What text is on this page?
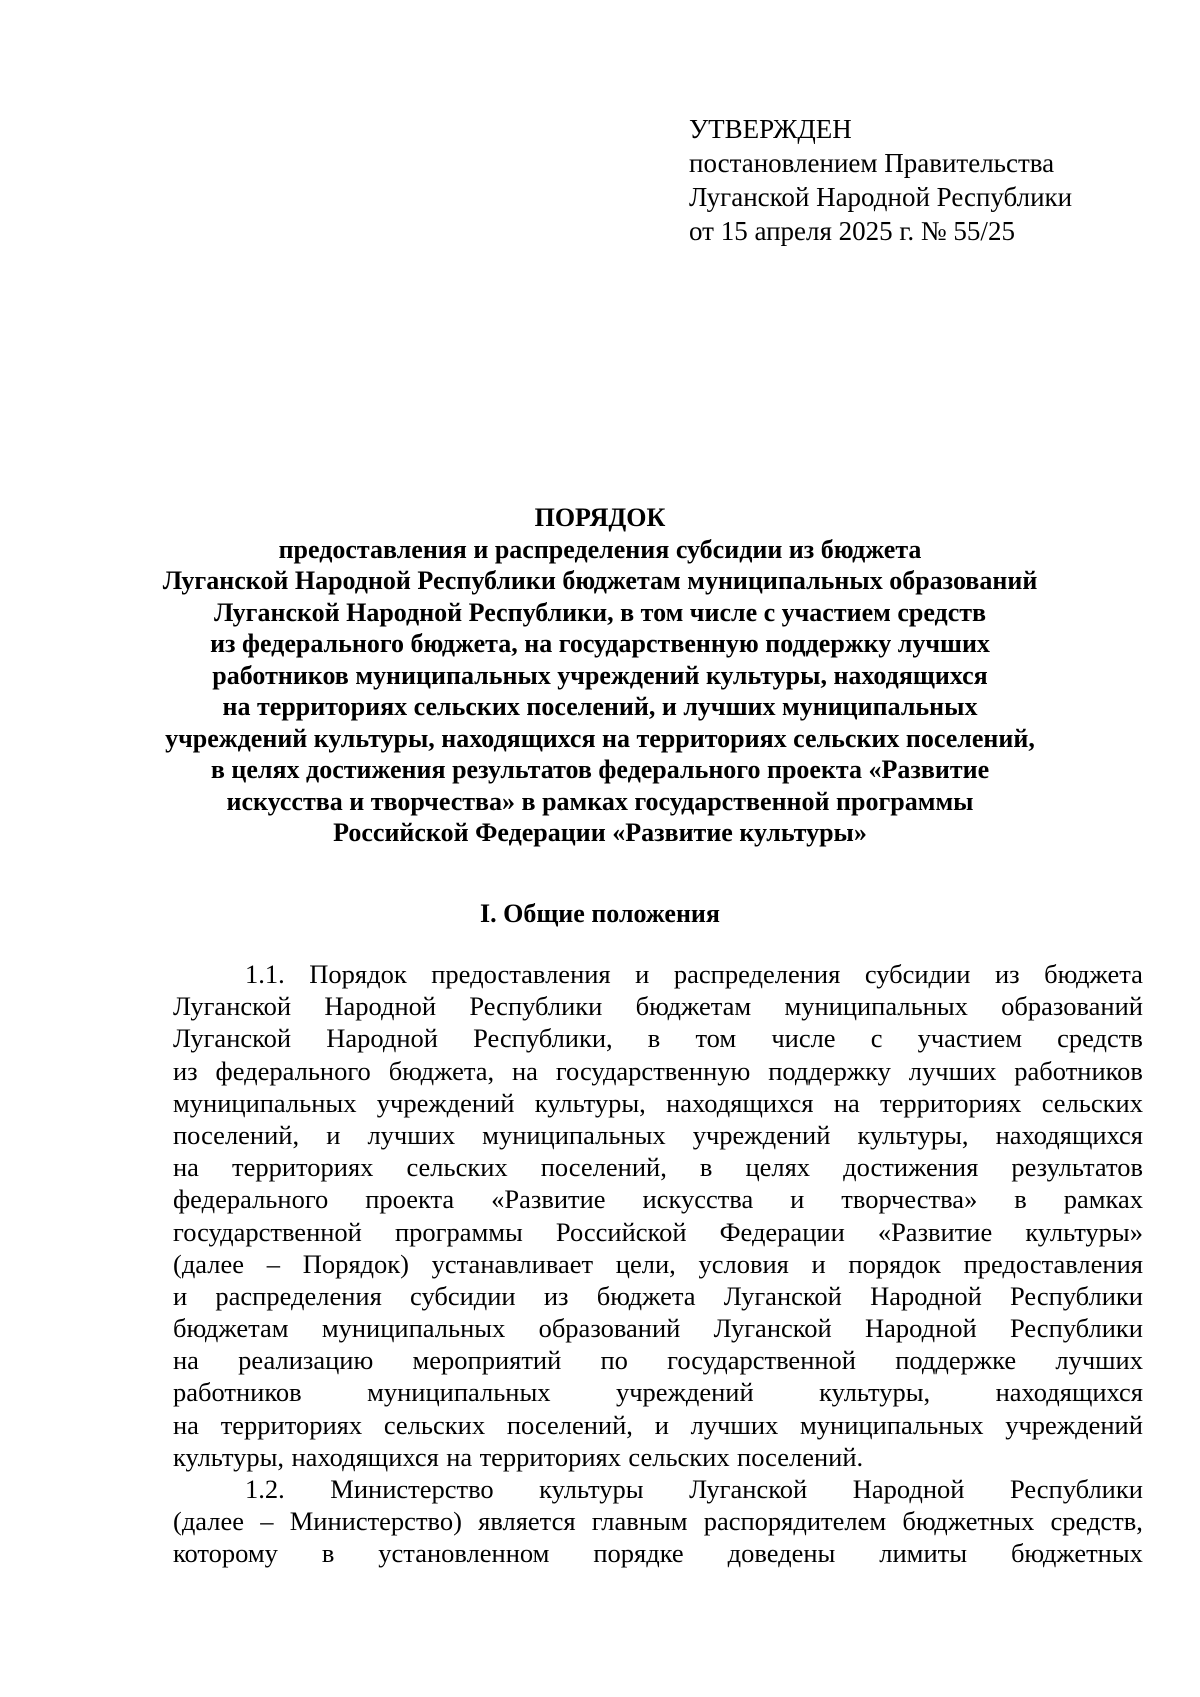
УТВЕРЖДЕН
постановлением Правительства
Луганской Народной Республики
от 15 апреля 2025 г. № 55/25
ПОРЯДОК
предоставления и распределения субсидии из бюджета
Луганской Народной Республики бюджетам муниципальных образований
Луганской Народной Республики, в том числе с участием средств
из федерального бюджета, на государственную поддержку лучших
работников муниципальных учреждений культуры, находящихся
на территориях сельских поселений, и лучших муниципальных
учреждений культуры, находящихся на территориях сельских поселений,
в целях достижения результатов федерального проекта «Развитие
искусства и творчества» в рамках государственной программы
Российской Федерации «Развитие культуры»
I. Общие положения
1.1. Порядок предоставления и распределения субсидии из бюджета
Луганской Народной Республики бюджетам муниципальных образований
Луганской Народной Республики, в том числе с участием средств
из федерального бюджета, на государственную поддержку лучших работников
муниципальных учреждений культуры, находящихся на территориях сельских
поселений, и лучших муниципальных учреждений культуры, находящихся
на территориях сельских поселений, в целях достижения результатов
федерального проекта «Развитие искусства и творчества» в рамках
государственной программы Российской Федерации «Развитие культуры»
(далее – Порядок) устанавливает цели, условия и порядок предоставления
и распределения субсидии из бюджета Луганской Народной Республики
бюджетам муниципальных образований Луганской Народной Республики
на реализацию мероприятий по государственной поддержке лучших
работников муниципальных учреждений культуры, находящихся
на территориях сельских поселений, и лучших муниципальных учреждений
культуры, находящихся на территориях сельских поселений.
1.2. Министерство культуры Луганской Народной Республики
(далее – Министерство) является главным распорядителем бюджетных средств,
которому в установленном порядке доведены лимиты бюджетных
